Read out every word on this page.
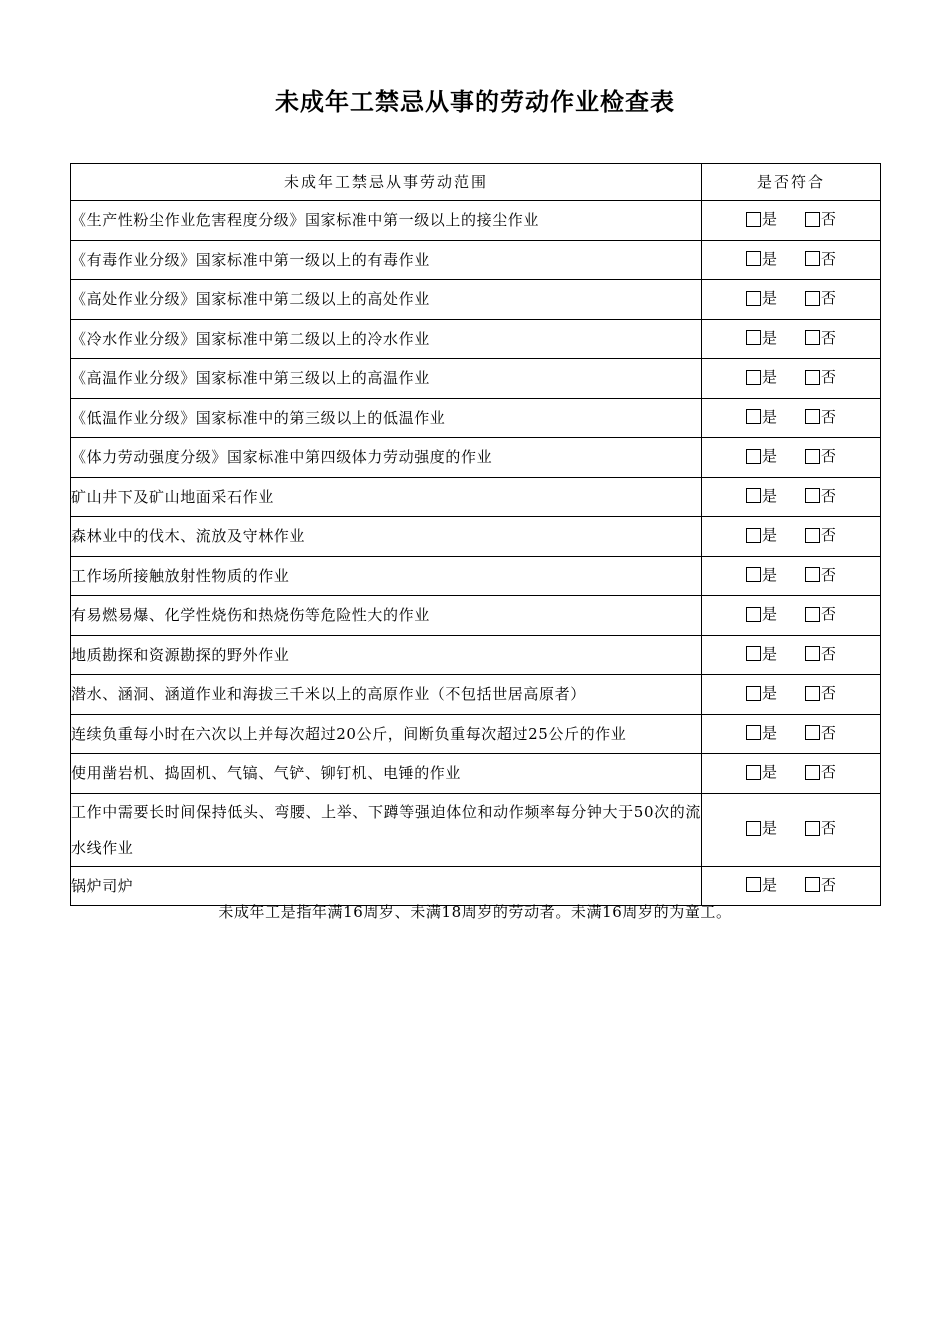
未成年工禁忌从事的劳动作业检查表
未成年工禁忌从事劳动范围	是否符合
《生产性粉尘作业危害程度分级》国家标准中第一级以上的接尘作业	是 否

《有毒作业分级》国家标准中第一级以上的有毒作业	是 否

《高处作业分级》国家标准中第二级以上的高处作业	是 否

《冷水作业分级》国家标准中第二级以上的冷水作业	是 否

《高温作业分级》国家标准中第三级以上的高温作业	是 否

《低温作业分级》国家标准中的第三级以上的低温作业	是 否

《体力劳动强度分级》国家标准中第四级体力劳动强度的作业	是 否

矿山井下及矿山地面采石作业	是 否

森林业中的伐木、流放及守林作业	是 否

工作场所接触放射性物质的作业	是 否

有易燃易爆、化学性烧伤和热烧伤等危险性大的作业	是 否

地质勘探和资源勘探的野外作业	是 否

潜水、涵洞、涵道作业和海拔三千米以上的高原作业（不包括世居高原者）	是 否

连续负重每小时在六次以上并每次超过20公斤，间断负重每次超过25公斤的作业	是 否

使用凿岩机、捣固机、气镐、气铲、铆钉机、电锤的作业	是 否

工作中需要长时间保持低头、弯腰、上举、下蹲等强迫体位和动作频率每分钟大于50次的流水线作业	是 否

锅炉司炉	是 否
未成年工是指年满16周岁、未满18周岁的劳动者。未满16周岁的为童工。
